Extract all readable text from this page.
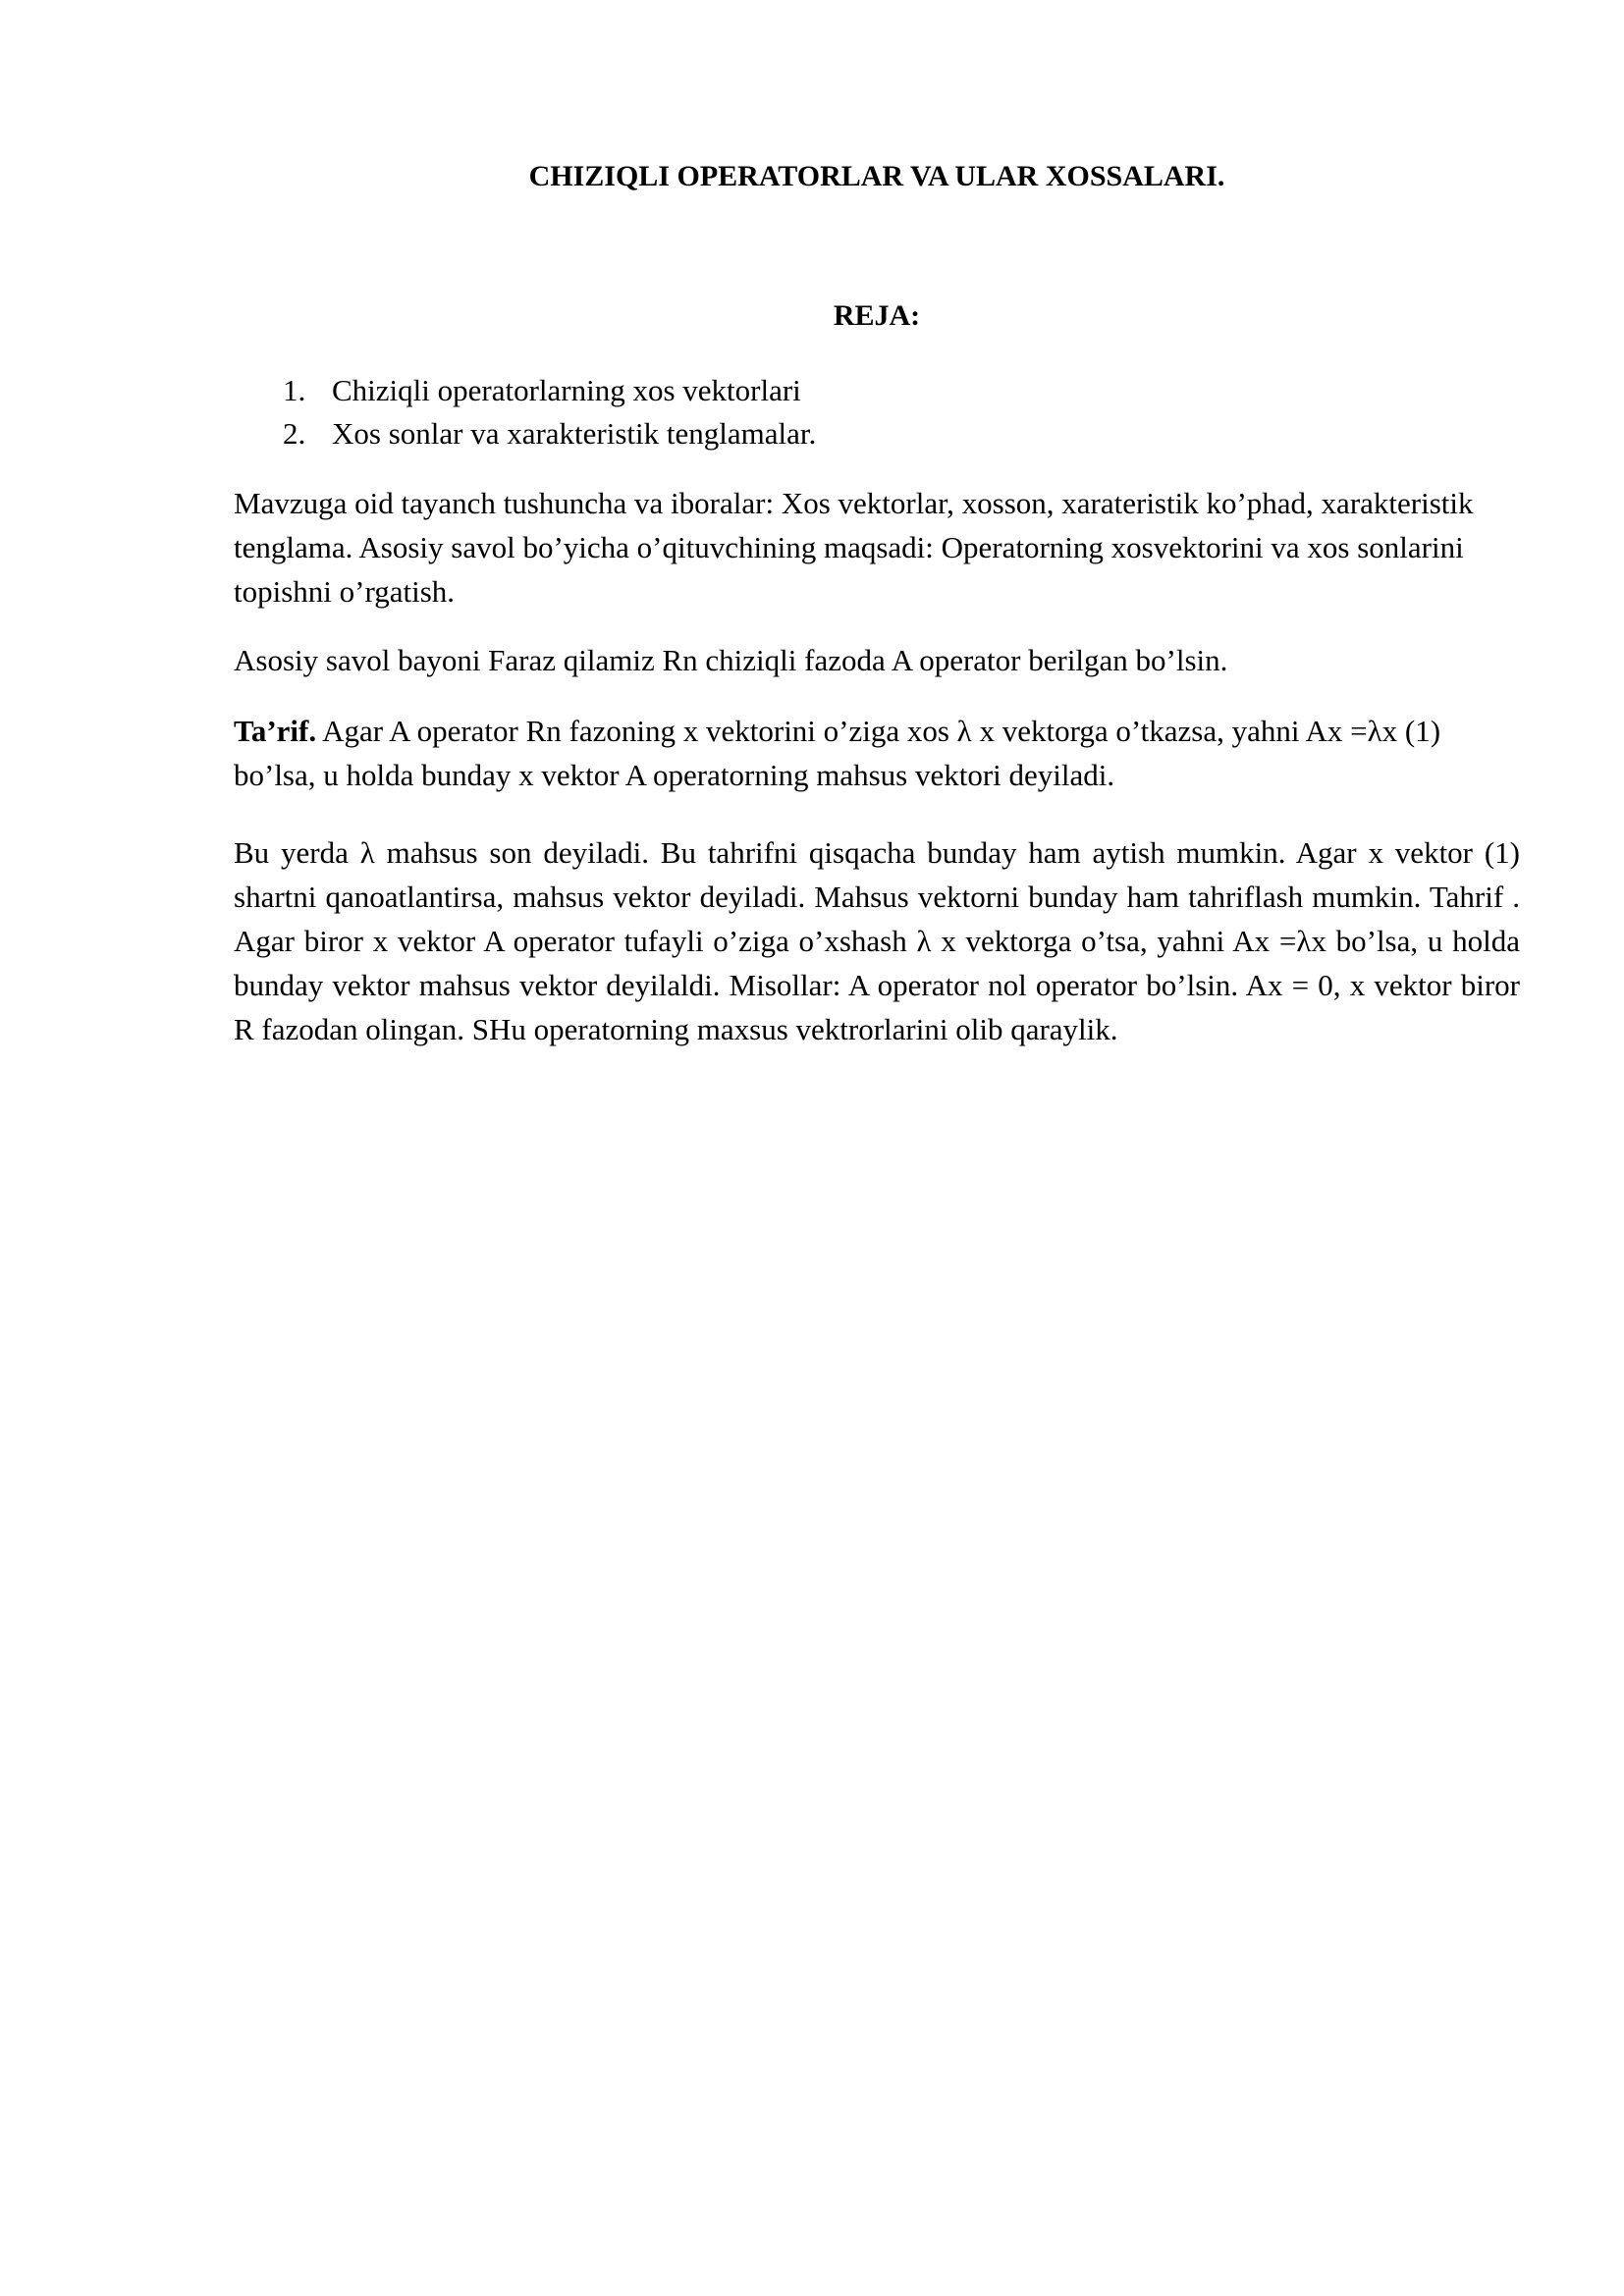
CHIZIQLI OPERATORLAR VA ULAR XOSSALARI.
REJA:
1. Chiziqli operatorlarning xos vektorlari
2. Xos sonlar va xarakteristik tenglamalar.

Mavzuga oid tayanch tushuncha va iboralar: Xos vektorlar, xosson, xarateristik ko’phad, xarakteristik tenglama. Asosiy savol bo’yicha o’qituvchining maqsadi: Operatorning xosvektorini va xos sonlarini topishni o’rgatish.

Asosiy savol bayoni Faraz qilamiz Rn chiziqli fazoda A operator berilgan bo’lsin.

Ta’rif. Agar A operator Rn fazoning x vektorini o’ziga xos λ x vektorga o’tkazsa, yahni Ax =λx (1) bo’lsa, u holda bunday x vektor A operatorning mahsus vektori deyiladi.

Bu yerda λ mahsus son deyiladi. Bu tahrifni qisqacha bunday ham aytish mumkin. Agar x vektor (1) shartni qanoatlantirsa, mahsus vektor deyiladi. Mahsus vektorni bunday ham tahriflash mumkin. Tahrif . Agar biror x vektor A operator tufayli o’ziga o’xshash λ x vektorga o’tsa, yahni Ax =λx bo’lsa, u holda bunday vektor mahsus vektor deyilaldi. Misollar: A operator nol operator bo’lsin. Ax = 0, x vektor biror R fazodan olingan. SHu operatorning maxsus vektrorlarini olib qaraylik.
